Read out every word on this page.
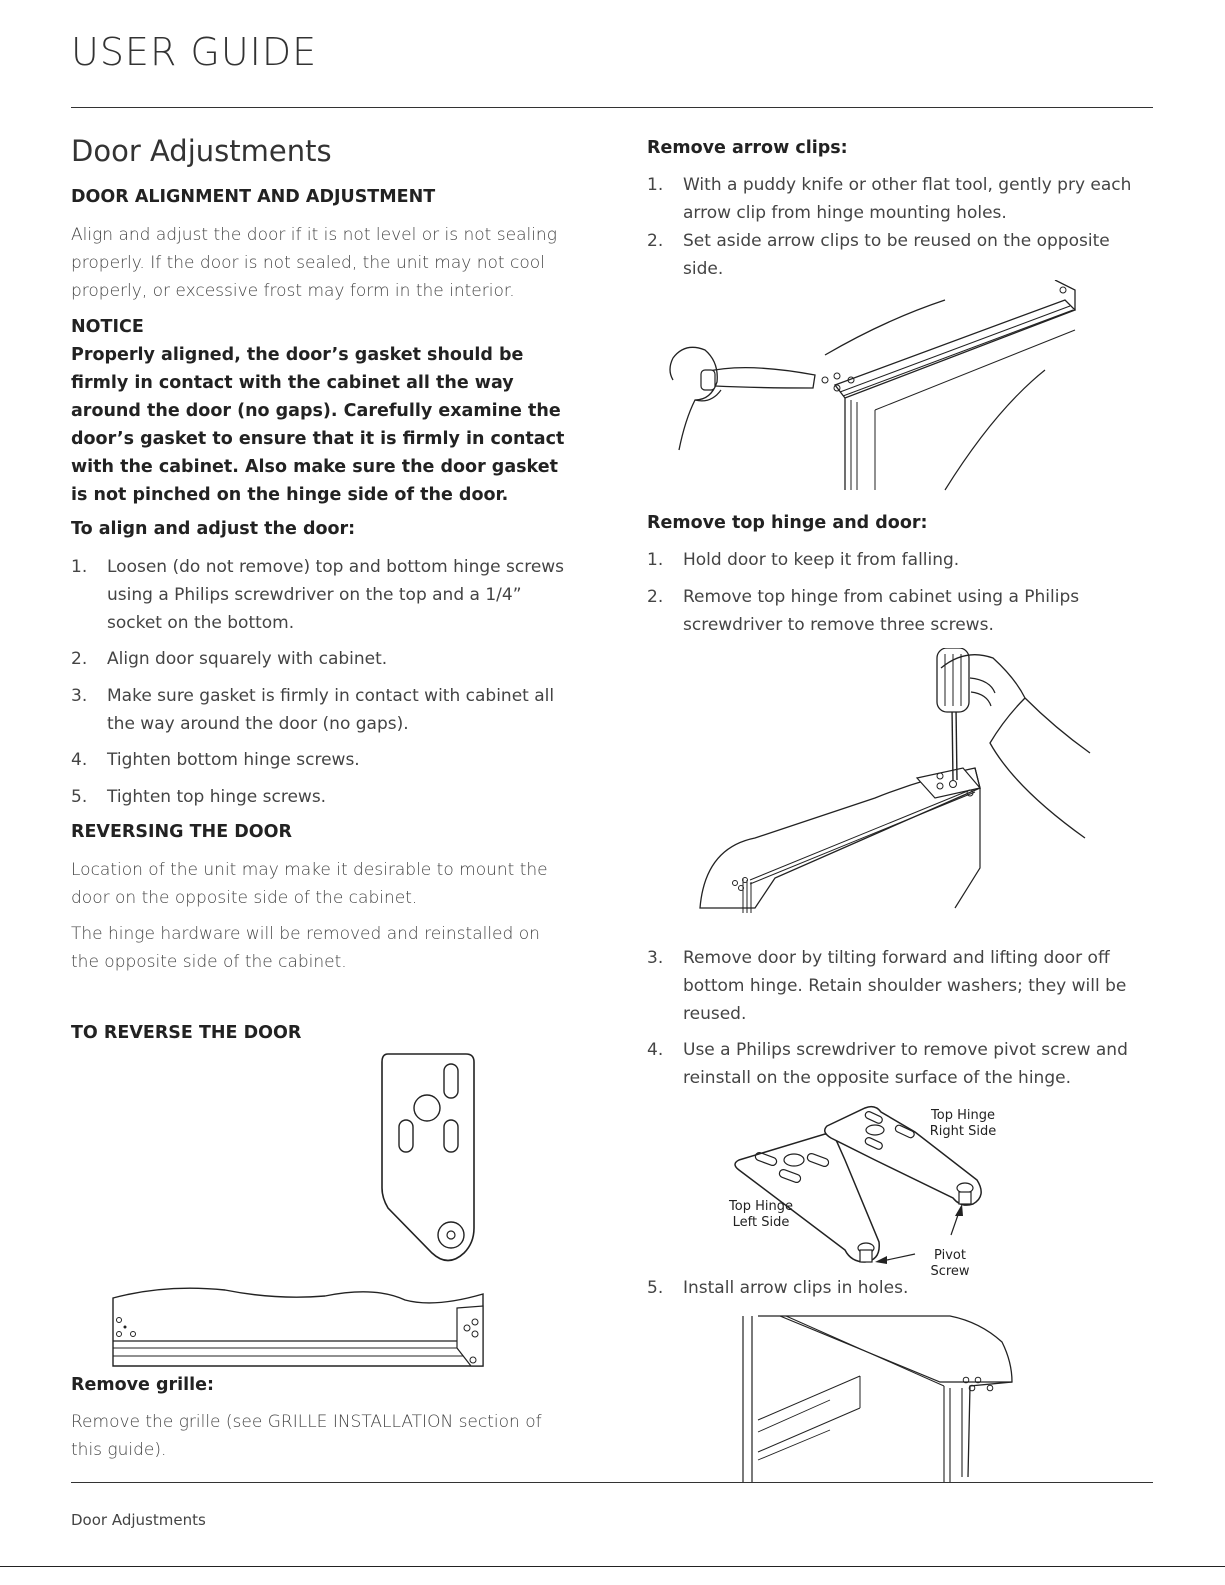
USER GUIDE
Door Adjustments
DOOR ALIGNMENT AND ADJUSTMENT

Align and adjust the door if it is not level or is not sealing properly. If the door is not sealed, the unit may not cool properly, or excessive frost may form in the interior.

NOTICE

Properly aligned, the door’s gasket should be firmly in contact with the cabinet all the way around the door (no gaps). Carefully examine the door’s gasket to ensure that it is firmly in contact with the cabinet. Also make sure the door gasket is not pinched on the hinge side of the door.

To align and adjust the door:
1.	Loosen (do not remove) top and bottom hinge screws using a Philips screwdriver on the top and a 1/4” socket on the bottom.
2.	Align door squarely with cabinet.
3.	Make sure gasket is firmly in contact with cabinet all the way around the door (no gaps).
4.	Tighten bottom hinge screws.
5.	Tighten top hinge screws.
REVERSING THE DOOR

Location of the unit may make it desirable to mount the door on the opposite side of the cabinet.

The hinge hardware will be removed and reinstalled on the opposite side of the cabinet.

TO REVERSE THE DOOR
Remove grille:

Remove the grille (see GRILLE INSTALLATION section of this guide).

Remove arrow clips:
1.	With a puddy knife or other flat tool, gently pry each arrow clip from hinge mounting holes.
2.	Set aside arrow clips to be reused on the opposite side.
Remove top hinge and door:
1.	Hold door to keep it from falling.
2.	Remove top hinge from cabinet using a Philips screwdriver to remove three screws.
3.	Remove door by tilting forward and lifting door off bottom hinge. Retain shoulder washers; they will be reused.
4.	Use a Philips screwdriver to remove pivot screw and reinstall on the opposite surface of the hinge.
Top Hinge
Right Side
Top Hinge
Left Side
Pivot
Screw
5.	Install arrow clips in holes.
Door Adjustments
